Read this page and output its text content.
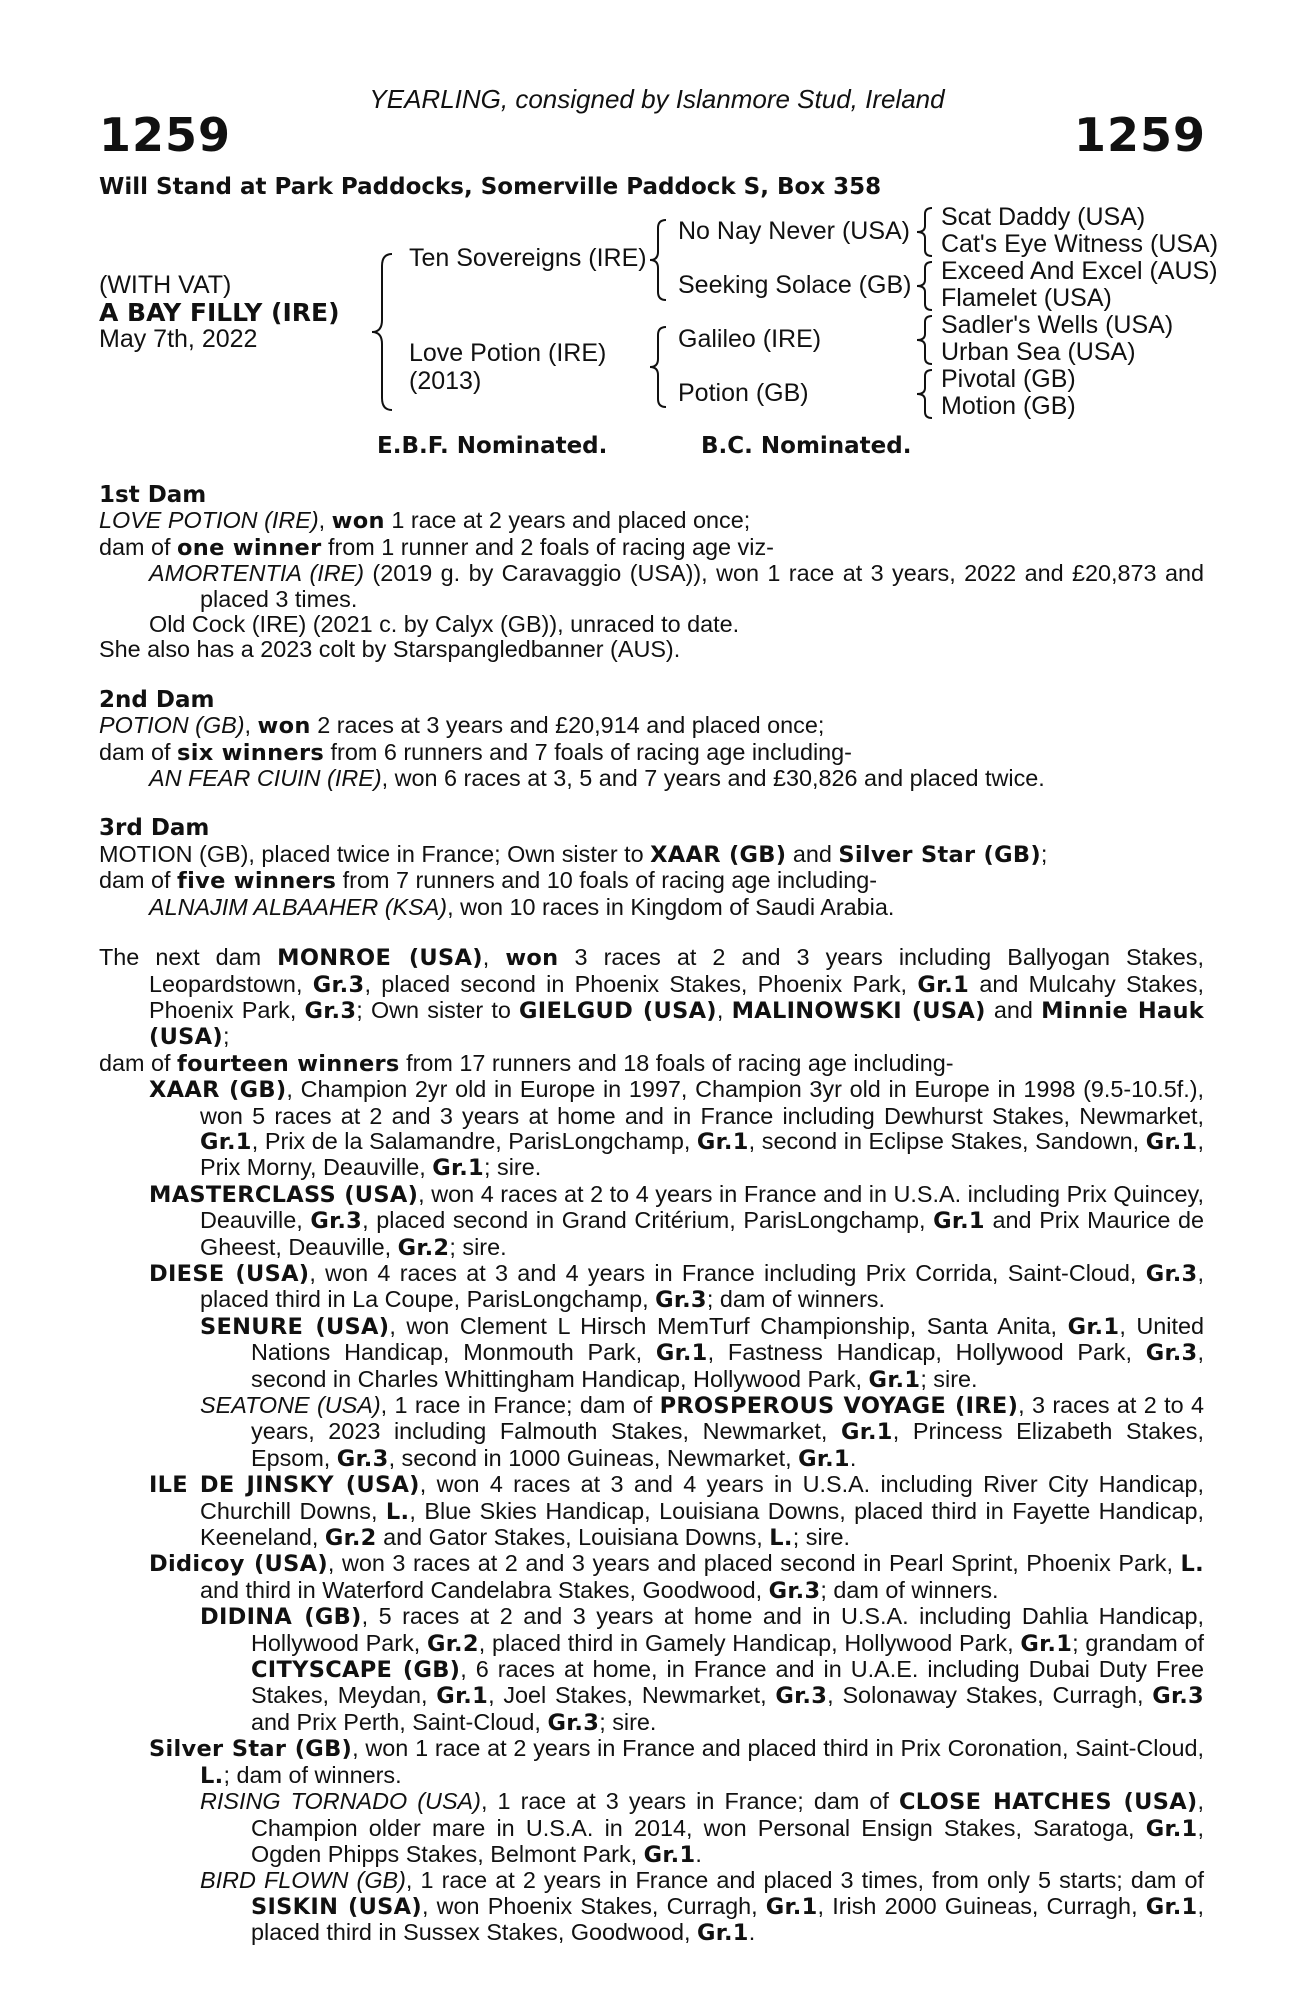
YEARLING, consigned by Islanmore Stud, Ireland
1259	1259
Will Stand at Park Paddocks, Somerville Paddock S, Box 358
(WITH VAT)
A BAY FILLY (IRE)
May 7th, 2022
Ten Sovereigns (IRE)
Love Potion (IRE)
(2013)
No Nay Never (USA)
Seeking Solace (GB)
Galileo (IRE)
Potion (GB)
Scat Daddy (USA)
Cat's Eye Witness (USA)
Exceed And Excel (AUS)
Flamelet (USA)
Sadler's Wells (USA)
Urban Sea (USA)
Pivotal (GB)
Motion (GB)
E.B.F. Nominated.	B.C. Nominated.
1st Dam

LOVE POTION (IRE), won 1 race at 2 years and placed once;

dam of one winner from 1 runner and 2 foals of racing age viz-

AMORTENTIA (IRE) (2019 g. by Caravaggio (USA)), won 1 race at 3 years, 2022 and £20,873 and placed 3 times.

Old Cock (IRE) (2021 c. by Calyx (GB)), unraced to date.

She also has a 2023 colt by Starspangledbanner (AUS).

2nd Dam

POTION (GB), won 2 races at 3 years and £20,914 and placed once;

dam of six winners from 6 runners and 7 foals of racing age including-

AN FEAR CIUIN (IRE), won 6 races at 3, 5 and 7 years and £30,826 and placed twice.

3rd Dam

MOTION (GB), placed twice in France; Own sister to XAAR (GB) and Silver Star (GB);

dam of five winners from 7 runners and 10 foals of racing age including-

ALNAJIM ALBAAHER (KSA), won 10 races in Kingdom of Saudi Arabia.

The next dam MONROE (USA), won 3 races at 2 and 3 years including Ballyogan Stakes, Leopardstown, Gr.3, placed second in Phoenix Stakes, Phoenix Park, Gr.1 and Mulcahy Stakes, Phoenix Park, Gr.3; Own sister to GIELGUD (USA), MALINOWSKI (USA) and Minnie Hauk (USA);

dam of fourteen winners from 17 runners and 18 foals of racing age including-

XAAR (GB), Champion 2yr old in Europe in 1997, Champion 3yr old in Europe in 1998 (9.5-10.5f.), won 5 races at 2 and 3 years at home and in France including Dewhurst Stakes, Newmarket, Gr.1, Prix de la Salamandre, ParisLongchamp, Gr.1, second in Eclipse Stakes, Sandown, Gr.1, Prix Morny, Deauville, Gr.1; sire.

MASTERCLASS (USA), won 4 races at 2 to 4 years in France and in U.S.A. including Prix Quincey, Deauville, Gr.3, placed second in Grand Critérium, ParisLongchamp, Gr.1 and Prix Maurice de Gheest, Deauville, Gr.2; sire.

DIESE (USA), won 4 races at 3 and 4 years in France including Prix Corrida, Saint-Cloud, Gr.3, placed third in La Coupe, ParisLongchamp, Gr.3; dam of winners.

SENURE (USA), won Clement L Hirsch MemTurf Championship, Santa Anita, Gr.1, United Nations Handicap, Monmouth Park, Gr.1, Fastness Handicap, Hollywood Park, Gr.3, second in Charles Whittingham Handicap, Hollywood Park, Gr.1; sire.

SEATONE (USA), 1 race in France; dam of PROSPEROUS VOYAGE (IRE), 3 races at 2 to 4 years, 2023 including Falmouth Stakes, Newmarket, Gr.1, Princess Elizabeth Stakes, Epsom, Gr.3, second in 1000 Guineas, Newmarket, Gr.1.

ILE DE JINSKY (USA), won 4 races at 3 and 4 years in U.S.A. including River City Handicap, Churchill Downs, L., Blue Skies Handicap, Louisiana Downs, placed third in Fayette Handicap, Keeneland, Gr.2 and Gator Stakes, Louisiana Downs, L.; sire.

Didicoy (USA), won 3 races at 2 and 3 years and placed second in Pearl Sprint, Phoenix Park, L. and third in Waterford Candelabra Stakes, Goodwood, Gr.3; dam of winners.

DIDINA (GB), 5 races at 2 and 3 years at home and in U.S.A. including Dahlia Handicap, Hollywood Park, Gr.2, placed third in Gamely Handicap, Hollywood Park, Gr.1; grandam of CITYSCAPE (GB), 6 races at home, in France and in U.A.E. including Dubai Duty Free Stakes, Meydan, Gr.1, Joel Stakes, Newmarket, Gr.3, Solonaway Stakes, Curragh, Gr.3 and Prix Perth, Saint-Cloud, Gr.3; sire.

Silver Star (GB), won 1 race at 2 years in France and placed third in Prix Coronation, Saint-Cloud, L.; dam of winners.

RISING TORNADO (USA), 1 race at 3 years in France; dam of CLOSE HATCHES (USA), Champion older mare in U.S.A. in 2014, won Personal Ensign Stakes, Saratoga, Gr.1, Ogden Phipps Stakes, Belmont Park, Gr.1.

BIRD FLOWN (GB), 1 race at 2 years in France and placed 3 times, from only 5 starts; dam of SISKIN (USA), won Phoenix Stakes, Curragh, Gr.1, Irish 2000 Guineas, Curragh, Gr.1, placed third in Sussex Stakes, Goodwood, Gr.1.
